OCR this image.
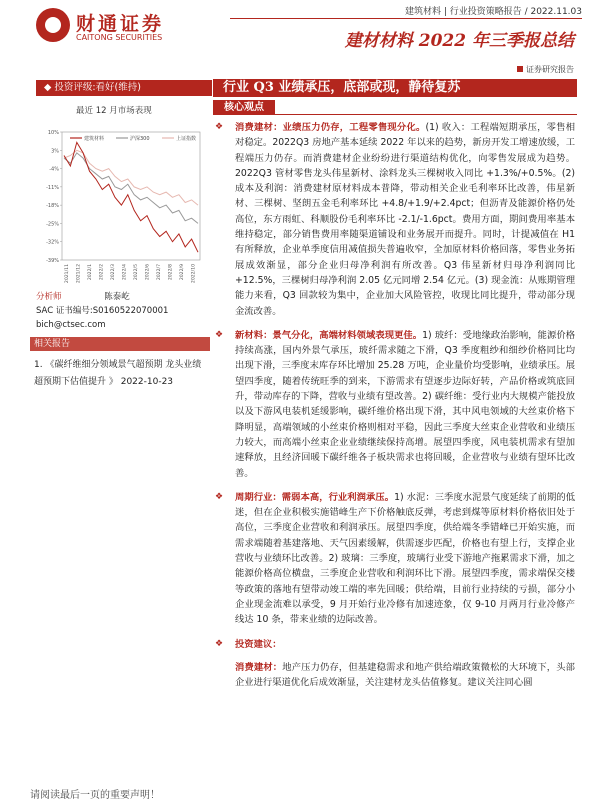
财通证券
CAITONG SECURITIES
建筑材料 | 行业投资策略报告 / 2022.11.03
建材材料 2022 年三季报总结
证券研究报告
◆ 投资评级:看好(维持)
最近 12 月市场表现
10%
3%
-4%
-11%
-18%
-25%
-32%
-39%
2021/11 2021/12 2022/1 2022/2 2022/3 2022/4 2022/5 2022/6 2022/7 2022/8 2022/9 2022/10
建筑材料	沪深300	上证指数
分析师	陈泰屹
SAC 证书编号:S0160522070001
bich@ctsec.com
相关报告
1. 《碳纤维细分领域景气超预期 龙头业绩超预期下估值提升 》 2022-10-23
行业 Q3 业绩承压，底部或现，静待复苏
核心观点

❖ 消费建材：业绩压力仍存，工程零售现分化。(1) 收入：工程端短期承压，零售相对稳定。2022Q3 房地产基本延续 2022 年以来的趋势，新房开发工增速放缓，工程端压力仍存。而消费建材企业纷纷进行渠道结构优化，向零售发展成为趋势。2022Q3 管材零售龙头伟星新材、涂料龙头三棵树收入同比 +1.3%/+0.5%。(2) 成本及利润：消费建材原材料成本普降，带动相关企业毛利率环比改善，伟星新材、三棵树、坚朗五金毛利率环比 +4.8/+1.9/+2.4pct；但沥青及能源价格仍处高位，东方雨虹、科顺股份毛利率环比 -2.1/-1.6pct。费用方面，期间费用率基本维持稳定，部分销售费用率随渠道铺设和业务展开而提升。同时，计提减值在 H1 有所释放，企业单季度信用减值损失普遍收窄，全加原材料价格回落，零售业务拓展成效渐显，部分企业归母净利润有所改善。Q3 伟星新材归母净利润同比 +12.5%，三棵树归母净利润 2.05 亿元同增 2.54 亿元。(3) 现金流：从账期管理能力来看，Q3 回款较为集中，企业加大风险管控，收现比同比提升，带动部分现金流改善。

❖ 新材料：景气分化，高端材料领域表现更佳。1) 玻纤：受地缘政治影响，能源价格持续高涨，国内外景气承压，玻纤需求随之下滑，Q3 季度粗纱和细纱价格同比均出现下滑，三季度末库存环比增加 25.28 万吨，企业量价均受影响，业绩承压。展望四季度，随着传统旺季的到来，下游需求有望逐步边际好转，产品价格或筑底回升，带动库存的下降，营收与业绩有望改善。2) 碳纤维：受行业内大规模产能投放以及下游风电装机延缓影响，碳纤维价格出现下滑，其中风电领域的大丝束价格下降明显，高端领域的小丝束价格则相对平稳，因此三季度大丝束企业营收和业绩压力较大，而高端小丝束企业业绩继续保持高增。展望四季度，风电装机需求有望加速释放，且经济回暖下碳纤维各子板块需求也将回暖，企业营收与业绩有望环比改善。

❖ 周期行业：需弱本高，行业利润承压。1) 水泥：三季度水泥景气度延续了前期的低迷，但在企业积极实施错峰生产下价格触底反弹，考虑到煤等原材料价格依旧处于高位，三季度企业营收和利润承压。展望四季度，供给端冬季错峰已开始实施，而需求端随着基建落地、天气因素缓解，供需逐步匹配，价格也有望上行，支撑企业营收与业绩环比改善。2) 玻璃：三季度，玻璃行业受下游地产拖累需求下滑，加之能源价格高位横盘，三季度企业营收和利润环比下滑。展望四季度，需求端保交楼等政策的落地有望带动竣工端的率先回暖；供给端，目前行业持续的亏损，部分小企业现金流难以承受，9 月开始行业冷修有加速迹象，仅 9-10 月两月行业冷修产线达 10 条，带来业绩的边际改善。

❖ 投资建议：

消费建材：地产压力仍存，但基建稳需求和地产供给端政策微松的大环境下，头部企业进行渠道优化后成效渐显，关注建材龙头估值修复。建议关注同心圆

请阅读最后一页的重要声明！
